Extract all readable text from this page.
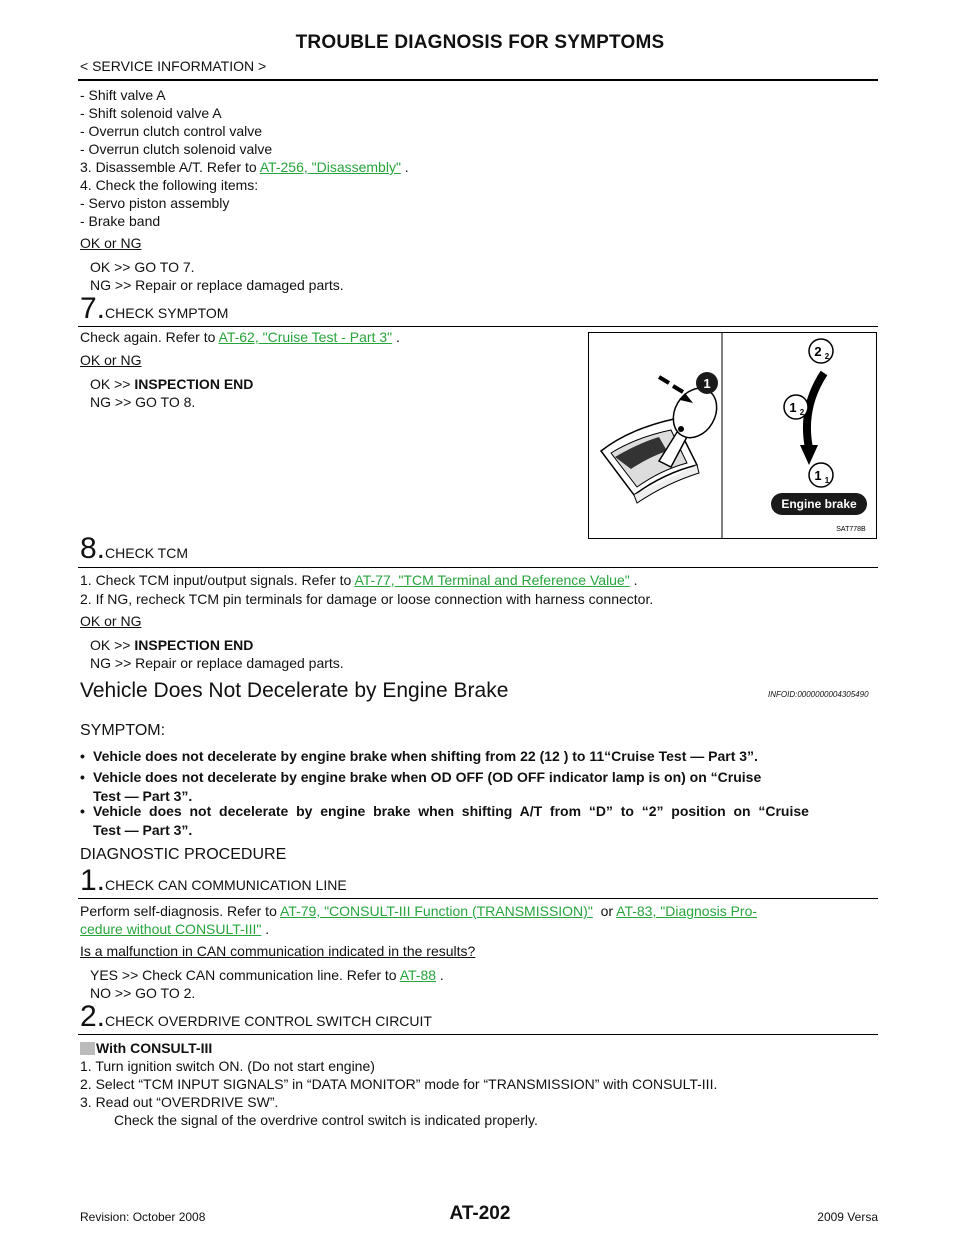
TROUBLE DIAGNOSIS FOR SYMPTOMS
< SERVICE INFORMATION >
- Shift valve A
- Shift solenoid valve A
- Overrun clutch control valve
- Overrun clutch solenoid valve
3. Disassemble A/T. Refer to AT-256, "Disassembly" .
4. Check the following items:
- Servo piston assembly
- Brake band
OK or NG
OK >> GO TO 7.
NG >> Repair or replace damaged parts.
7.CHECK SYMPTOM
Check again. Refer to AT-62, "Cruise Test - Part 3" .
OK or NG
OK >> INSPECTION END
NG >> GO TO 8.
1
2 2
1 2
1 1
Engine brake
SAT778B
8.CHECK TCM
1. Check TCM input/output signals. Refer to AT-77, "TCM Terminal and Reference Value" .
2. If NG, recheck TCM pin terminals for damage or loose connection with harness connector.
OK or NG
OK >> INSPECTION END
NG >> Repair or replace damaged parts.
Vehicle Does Not Decelerate by Engine Brake	INFOID:0000000004305490
SYMPTOM:
• Vehicle does not decelerate by engine brake when shifting from 22 (12 ) to 11“Cruise Test — Part 3”.
• Vehicle does not decelerate by engine brake when OD OFF (OD OFF indicator lamp is on) on “Cruise
Test — Part 3”.
• Vehicle  does  not  decelerate  by  engine  brake  when  shifting  A/T  from  “D”  to  “2”  position  on  “Cruise
Test — Part 3”.
DIAGNOSTIC PROCEDURE
1.CHECK CAN COMMUNICATION LINE
Perform self-diagnosis. Refer to AT-79, "CONSULT-III Function (TRANSMISSION)"  or AT-83, "Diagnosis Pro-
cedure without CONSULT-III" .
Is a malfunction in CAN communication indicated in the results?
YES >> Check CAN communication line. Refer to AT-88 .
NO >> GO TO 2.
2.CHECK OVERDRIVE CONTROL SWITCH CIRCUIT
With CONSULT-III
1. Turn ignition switch ON. (Do not start engine)
2. Select “TCM INPUT SIGNALS” in “DATA MONITOR” mode for “TRANSMISSION” with CONSULT-III.
3. Read out “OVERDRIVE SW”.
Check the signal of the overdrive control switch is indicated properly.
Revision: October 2008	AT-202	2009 Versa
